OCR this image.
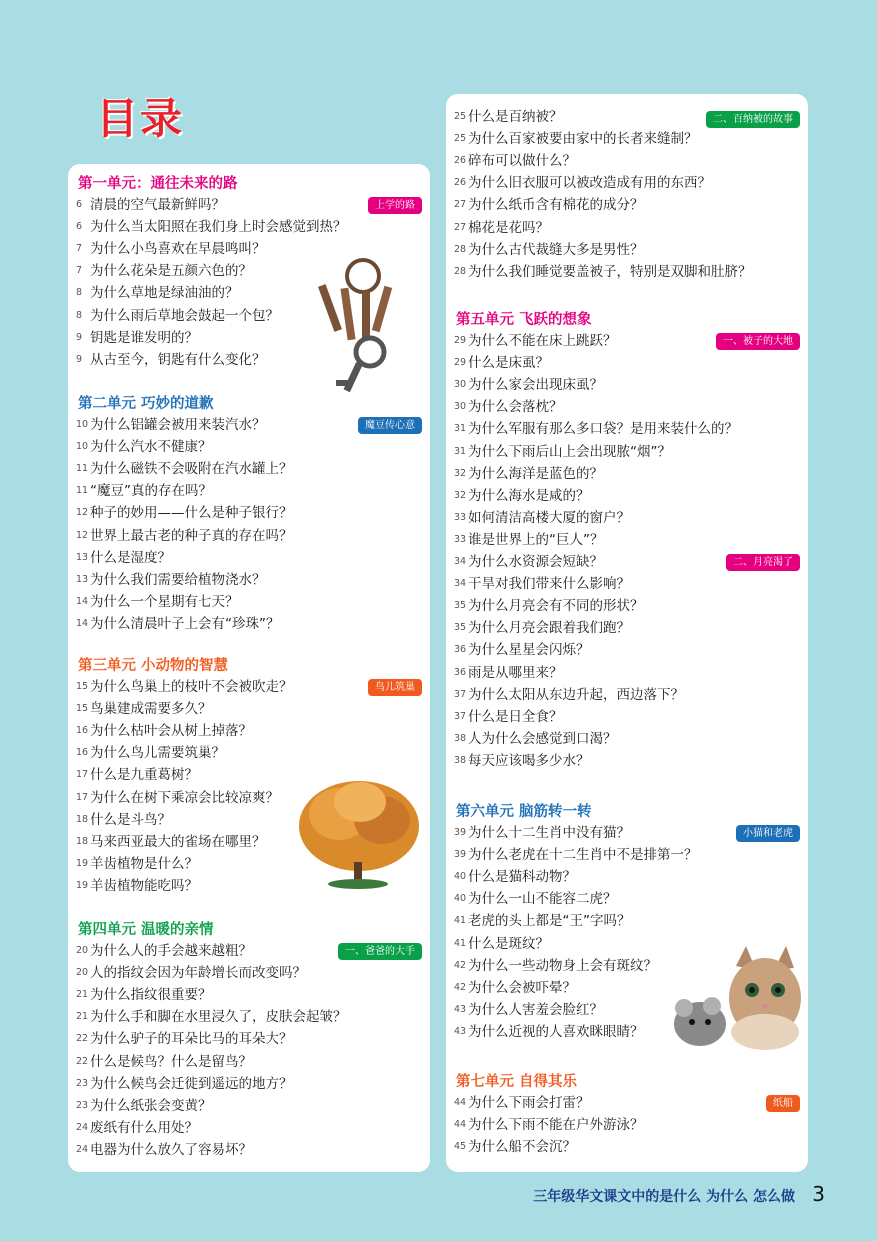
目录
第一单元：通往未来的路
上学的路
6 清晨的空气最新鲜吗？
6 为什么当太阳照在我们身上时会感觉到热？
7 为什么小鸟喜欢在早晨鸣叫？
7 为什么花朵是五颜六色的？
8 为什么草地是绿油油的？
8 为什么雨后草地会鼓起一个包？
9 钥匙是谁发明的？
9 从古至今，钥匙有什么变化？
第二单元 巧妙的道歉
魔豆传心意
10 为什么铝罐会被用来装汽水？
10 为什么汽水不健康？
11 为什么磁铁不会吸附在汽水罐上？
11 “魔豆”真的存在吗？
12 种子的妙用——什么是种子银行？
12 世界上最古老的种子真的存在吗？
13 什么是湿度？
13 为什么我们需要给植物浇水？
14 为什么一个星期有七天？
14 为什么清晨叶子上会有“珍珠”？
第三单元 小动物的智慧
鸟儿筑巢
15 为什么鸟巢上的枝叶不会被吹走？
15 鸟巢建成需要多久？
16 为什么枯叶会从树上掉落？
16 为什么鸟儿需要筑巢？
17 什么是九重葛树？
17 为什么在树下乘凉会比较凉爽？
18 什么是斗鸟？
18 马来西亚最大的雀场在哪里？
19 羊齿植物是什么？
19 羊齿植物能吃吗？
第四单元 温暖的亲情
一、爸爸的大手
20 为什么人的手会越来越粗？
20 人的指纹会因为年龄增长而改变吗？
21 为什么指纹很重要？
21 为什么手和脚在水里浸久了，皮肤会起皱？
22 为什么驴子的耳朵比马的耳朵大？
22 什么是候鸟？什么是留鸟？
23 为什么候鸟会迁徙到遥远的地方？
23 为什么纸张会变黄？
24 废纸有什么用处？
24 电器为什么放久了容易坏？
二、百纳被的故事
25 什么是百纳被？
25 为什么百家被要由家中的长者来缝制？
26 碎布可以做什么？
26 为什么旧衣服可以被改造成有用的东西？
27 为什么纸币含有棉花的成分？
27 棉花是花吗？
28 为什么古代裁缝大多是男性？
28 为什么我们睡觉要盖被子，特别是双脚和肚脐？
第五单元 飞跃的想象
一、被子的大地
二、月亮渴了
29 为什么不能在床上跳跃？
29 什么是床虱？
30 为什么家会出现床虱？
30 为什么会落枕？
31 为什么军服有那么多口袋？是用来装什么的？
31 为什么下雨后山上会出现脓“烟”？
32 为什么海洋是蓝色的？
32 为什么海水是咸的？
33 如何清洁高楼大厦的窗户？
33 谁是世界上的“巨人”？
34 为什么水资源会短缺？
34 干旱对我们带来什么影响？
35 为什么月亮会有不同的形状？
35 为什么月亮会跟着我们跑？
36 为什么星星会闪烁？
36 雨是从哪里来？
37 为什么太阳从东边升起，西边落下？
37 什么是日全食？
38 人为什么会感觉到口渴？
38 每天应该喝多少水？
第六单元 脑筋转一转
小猫和老虎
39 为什么十二生肖中没有猫？
39 为什么老虎在十二生肖中不是排第一？
40 什么是猫科动物？
40 为什么一山不能容二虎？
41 老虎的头上都是“王”字吗？
41 什么是斑纹？
42 为什么一些动物身上会有斑纹？
42 为什么会被吓晕？
43 为什么人害羞会脸红？
43 为什么近视的人喜欢眯眼睛？
第七单元 自得其乐
纸船
44 为什么下雨会打雷？
44 为什么下雨不能在户外游泳？
45 为什么船不会沉？
三年级华文课文中的是什么 为什么 怎么做 3
